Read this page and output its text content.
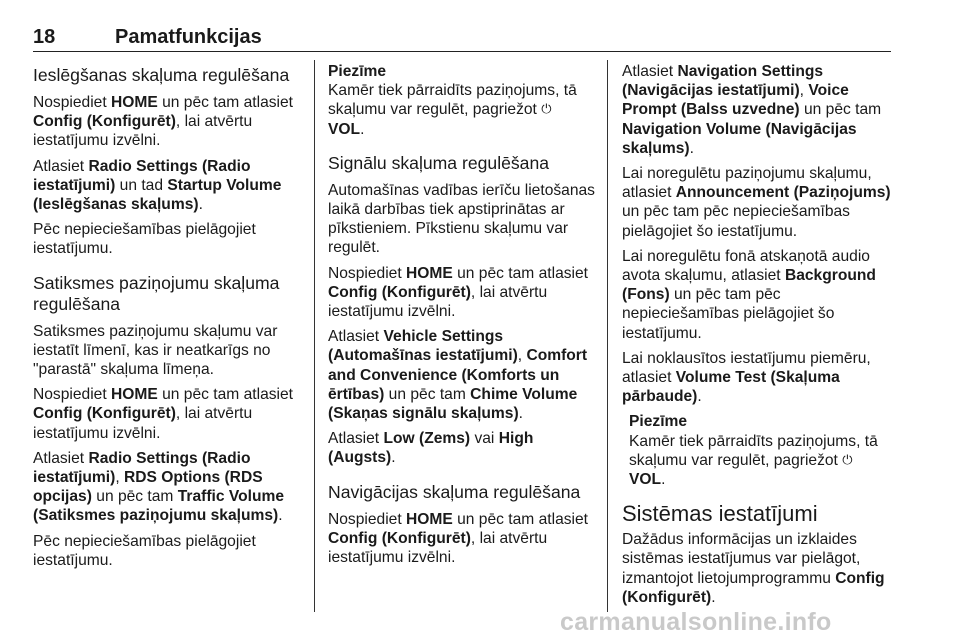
18	Pamatfunkcijas
Ieslēgšanas skaļuma regulēšana

Nospiediet HOME un pēc tam atlasiet Config (Konfigurēt), lai atvērtu iestatījumu izvēlni.

Atlasiet Radio Settings (Radio iestatījumi) un tad Startup Volume (Ieslēgšanas skaļums).

Pēc nepieciešamības pielāgojiet iestatījumu.

Satiksmes paziņojumu skaļuma regulēšana

Satiksmes paziņojumu skaļumu var iestatīt līmenī, kas ir neatkarīgs no "parastā" skaļuma līmeņa.

Nospiediet HOME un pēc tam atlasiet Config (Konfigurēt), lai atvērtu iestatījumu izvēlni.

Atlasiet Radio Settings (Radio iestatījumi), RDS Options (RDS opcijas) un pēc tam Traffic Volume (Satiksmes paziņojumu skaļums).

Pēc nepieciešamības pielāgojiet iestatījumu.

Piezīme
Kamēr tiek pārraidīts paziņojums, tā skaļumu var regulēt, pagriežot ⏻
VOL.
Signālu skaļuma regulēšana

Automašīnas vadības ierīču lietošanas laikā darbības tiek apstiprinātas ar pīkstieniem. Pīkstienu skaļumu var regulēt.

Nospiediet HOME un pēc tam atlasiet Config (Konfigurēt), lai atvērtu iestatījumu izvēlni.

Atlasiet Vehicle Settings (Automašīnas iestatījumi), Comfort and Convenience (Komforts un ērtības) un pēc tam Chime Volume (Skaņas signālu skaļums).

Atlasiet Low (Zems) vai High (Augsts).

Navigācijas skaļuma regulēšana

Nospiediet HOME un pēc tam atlasiet Config (Konfigurēt), lai atvērtu iestatījumu izvēlni.

Atlasiet Navigation Settings (Navigācijas iestatījumi), Voice Prompt (Balss uzvedne) un pēc tam Navigation Volume (Navigācijas skaļums).

Lai noregulētu paziņojumu skaļumu, atlasiet Announcement (Paziņojums) un pēc tam pēc nepieciešamības pielāgojiet šo iestatījumu.

Lai noregulētu fonā atskaņotā audio avota skaļumu, atlasiet Background (Fons) un pēc tam pēc nepieciešamības pielāgojiet šo iestatījumu.

Lai noklausītos iestatījumu piemēru, atlasiet Volume Test (Skaļuma pārbaude).

Piezīme
Kamēr tiek pārraidīts paziņojums, tā skaļumu var regulēt, pagriežot ⏻
VOL.
Sistēmas iestatījumi

Dažādus informācijas un izklaides sistēmas iestatījumus var pielāgot, izmantojot lietojumprogrammu Config (Konfigurēt).

carmanualsonline.info
